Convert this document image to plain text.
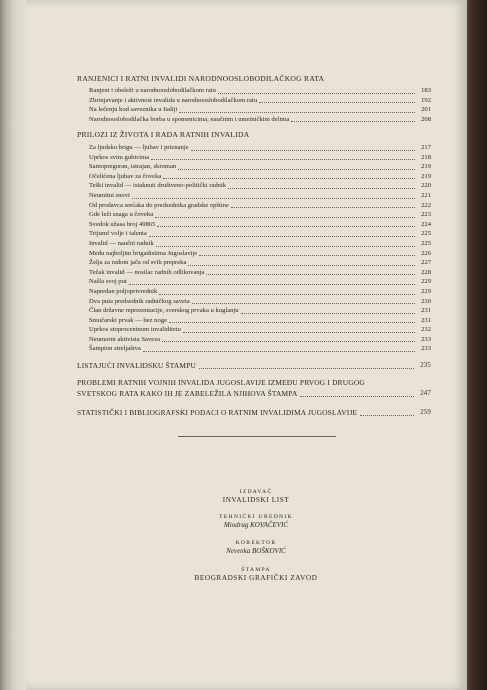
RANJENICI I RATNI INVALIDI NARODNOOSLOBODILAČKOG RATA
Ranjeni i obeleži u narodnooslobodilačkom ratu	183
Zbrinjavanje i aktivnost invalida u narodnooslobodilačkom ratu	192
Na lečenju kod saveznika u Italiji	201
Narodnooslobodilačka borba u spomenicima, naučnim i umetničkim delima	208
PRILOZI IZ ŽIVOTA I RADA RATNIH INVALIDA
Za ljudsku brigu — ljubav i priznanje	217
Uprkos svim gubicima	218
Samopregoran, istrajan, skroman	219
Očelićena ljubav za čoveka	219
Teški invalid — istaknuti društveno-politički radnik	220
Neumitni snovi	221
Od prodavca srećaka do predsednika gradske opštine	222
Gde leži snaga u čoveku	223
Svedok užasa broj 49865	224
Trijumf volje i talenta	225
Invalid — naučni radnik	225
Među najboljim brigadistima Jugoslavije	226
Želja za radom jača od svih prepreka	227
Težak invalid — nosilac radnih odlikovanja	228
Našla svoj put	229
Napredan poljoprivrednik	229
Dva puta predsednik radničkog saveta	230
Član državne reprezentacije, sverskog prvaka u kuglanju	231
Smučarski prvak — bez noge	231
Uprkos stoprocentnom invaliditetu	232
Neumorni aktivista Saveza	233
Šampion streljaštva	233
LISTAJUĆI INVALIDSKU ŠTAMPU	235
PROBLEMI RATNIH VOJNIH INVALIDA JUGOSLAVIJE IZMEĐU PRVOG I DRUGOG
SVETSKOG RATA KAKO IH JE ZABELEŽILA NJIHOVA ŠTAMPA	247
STATISTIČKI I BIBLIOGRAFSKI PODACI O RATNIM INVALIDIMA JUGOSLAVIJE	259
IZDAVAČ
INVALIDSKI LIST
TEHNIČKI UREDNIK
Miodrag KOVAČEVIĆ
KOREKTOR
Nevenka BOŠKOVIĆ
ŠTAMPA
BEOGRADSKI GRAFIČKI ZAVOD
